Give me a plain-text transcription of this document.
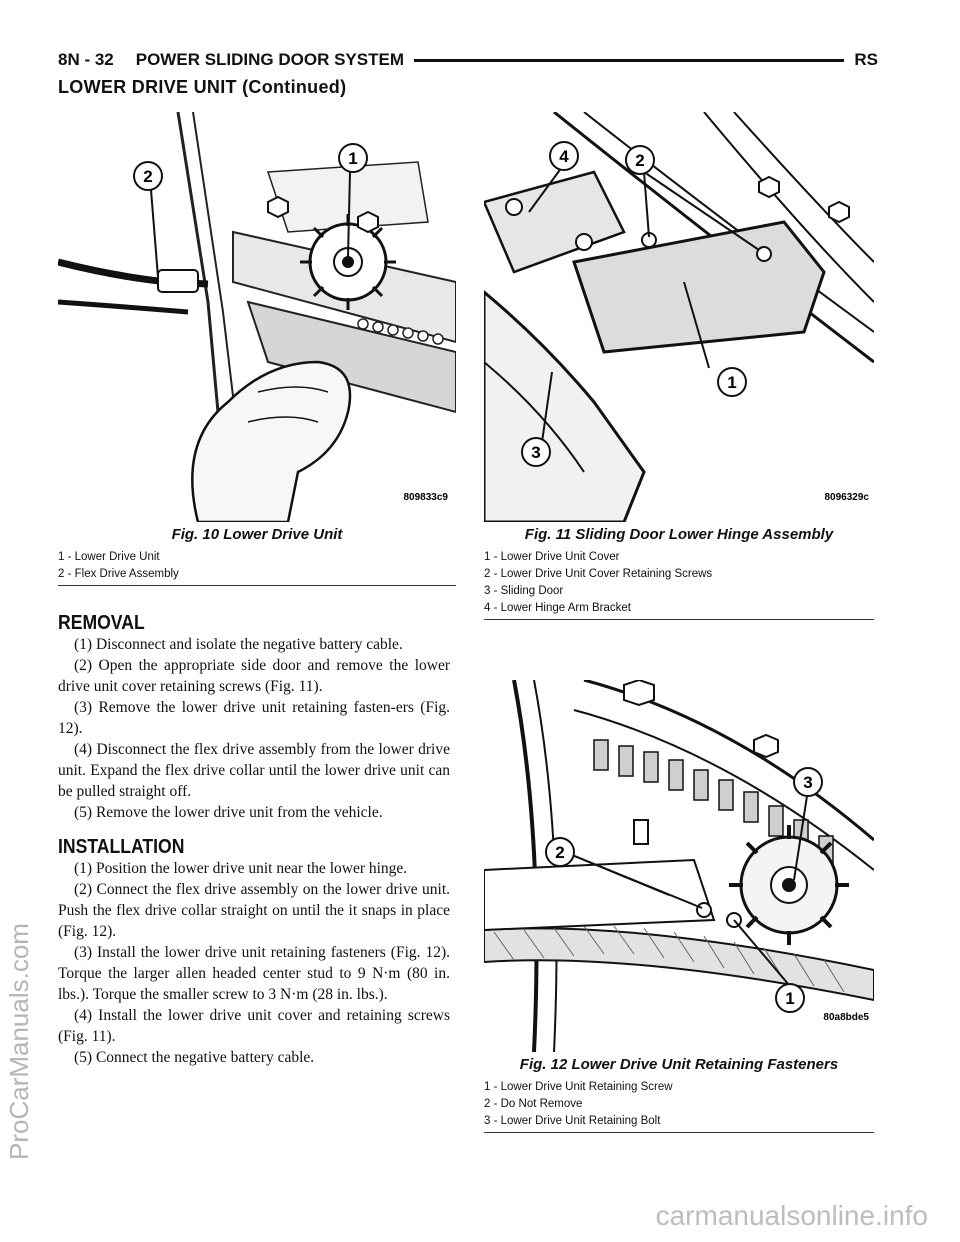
8N - 32 POWER SLIDING DOOR SYSTEM	RS
LOWER DRIVE UNIT (Continued)
2
1
809833c9
Fig. 10 Lower Drive Unit
1 - Lower Drive Unit
2 - Flex Drive Assembly
4	2
1
3
8096329c
Fig. 11 Sliding Door Lower Hinge Assembly
1 - Lower Drive Unit Cover
2 - Lower Drive Unit Cover Retaining Screws
3 - Sliding Door
4 - Lower Hinge Arm Bracket
REMOVAL

(1) Disconnect and isolate the negative battery cable.

(2) Open the appropriate side door and remove the lower drive unit cover retaining screws (Fig. 11).

(3) Remove the lower drive unit retaining fasten-ers (Fig. 12).

(4) Disconnect the flex drive assembly from the lower drive unit. Expand the flex drive collar until the lower drive unit can be pulled straight off.

(5) Remove the lower drive unit from the vehicle.

INSTALLATION

(1) Position the lower drive unit near the lower hinge.

(2) Connect the flex drive assembly on the lower drive unit. Push the flex drive collar straight on until the it snaps in place (Fig. 12).

(3) Install the lower drive unit retaining fasteners (Fig. 12). Torque the larger allen headed center stud to 9 N·m (80 in. lbs.). Torque the smaller screw to 3 N·m (28 in. lbs.).

(4) Install the lower drive unit cover and retaining screws (Fig. 11).

(5) Connect the negative battery cable.

2
3
1
80a8bde5
Fig. 12 Lower Drive Unit Retaining Fasteners
1 - Lower Drive Unit Retaining Screw
2 - Do Not Remove
3 - Lower Drive Unit Retaining Bolt
ProCarManuals.com
carmanualsonline.info
